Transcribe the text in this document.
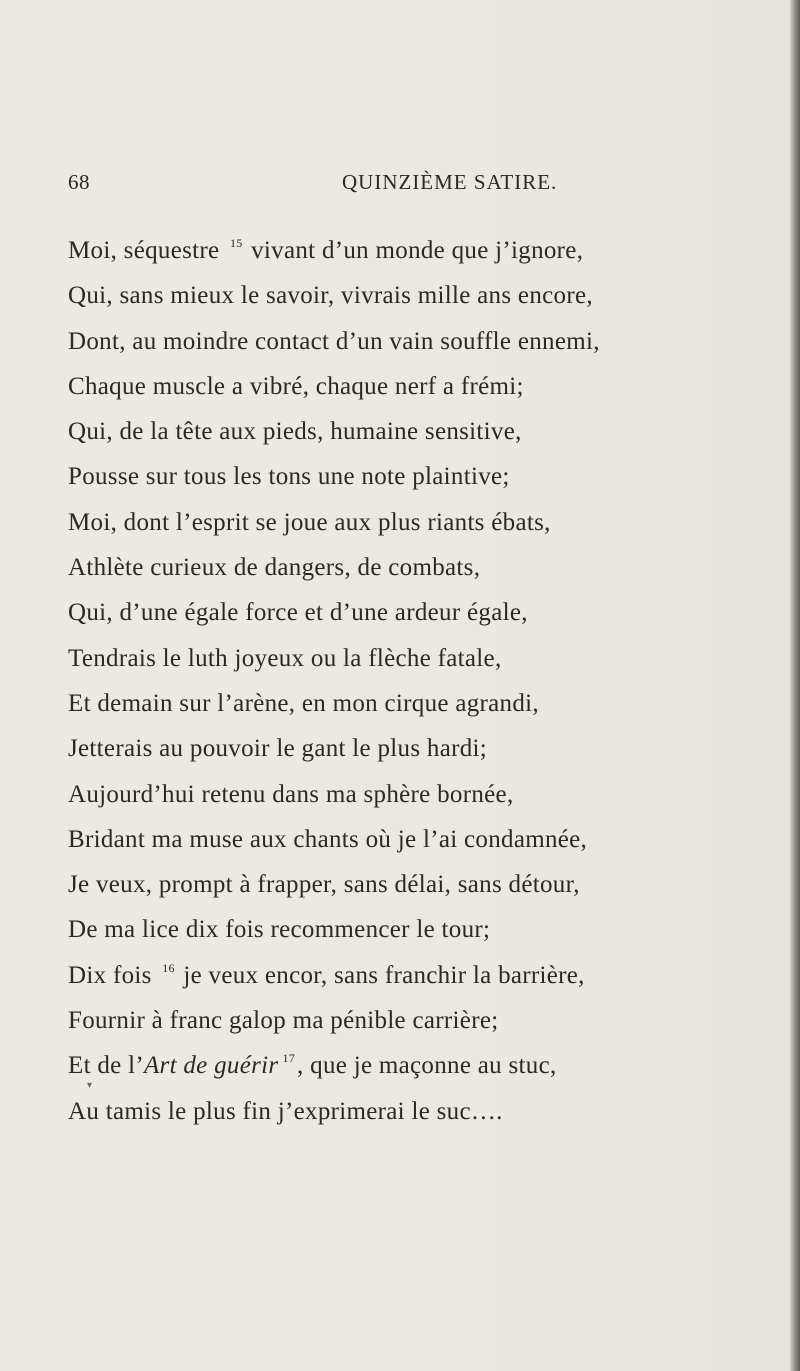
68	QUINZIÈME SATIRE.
Moi, séquestre $^{15}$ vivant d’un monde que j’ignore,
Qui, sans mieux le savoir, vivrais mille ans encore,
Dont, au moindre contact d’un vain souffle ennemi,
Chaque muscle a vibré, chaque nerf a frémi;
Qui, de la tête aux pieds, humaine sensitive,
Pousse sur tous les tons une note plaintive;
Moi, dont l’esprit se joue aux plus riants ébats,
Athlète curieux de dangers, de combats,
Qui, d’une égale force et d’une ardeur égale,
Tendrais le luth joyeux ou la flèche fatale,
Et demain sur l’arène, en mon cirque agrandi,
Jetterais au pouvoir le gant le plus hardi;
Aujourd’hui retenu dans ma sphère bornée,
Bridant ma muse aux chants où je l’ai condamnée,
Je veux, prompt à frapper, sans délai, sans détour,
De ma lice dix fois recommencer le tour;
Dix fois $^{16}$ je veux encor, sans franchir la barrière,
Fournir à franc galop ma pénible carrière;
Et de l’Art de guérir $^{17}$, que je maçonne au stuc,
Au tamis le plus fin j’exprimerai le suc….
▾
